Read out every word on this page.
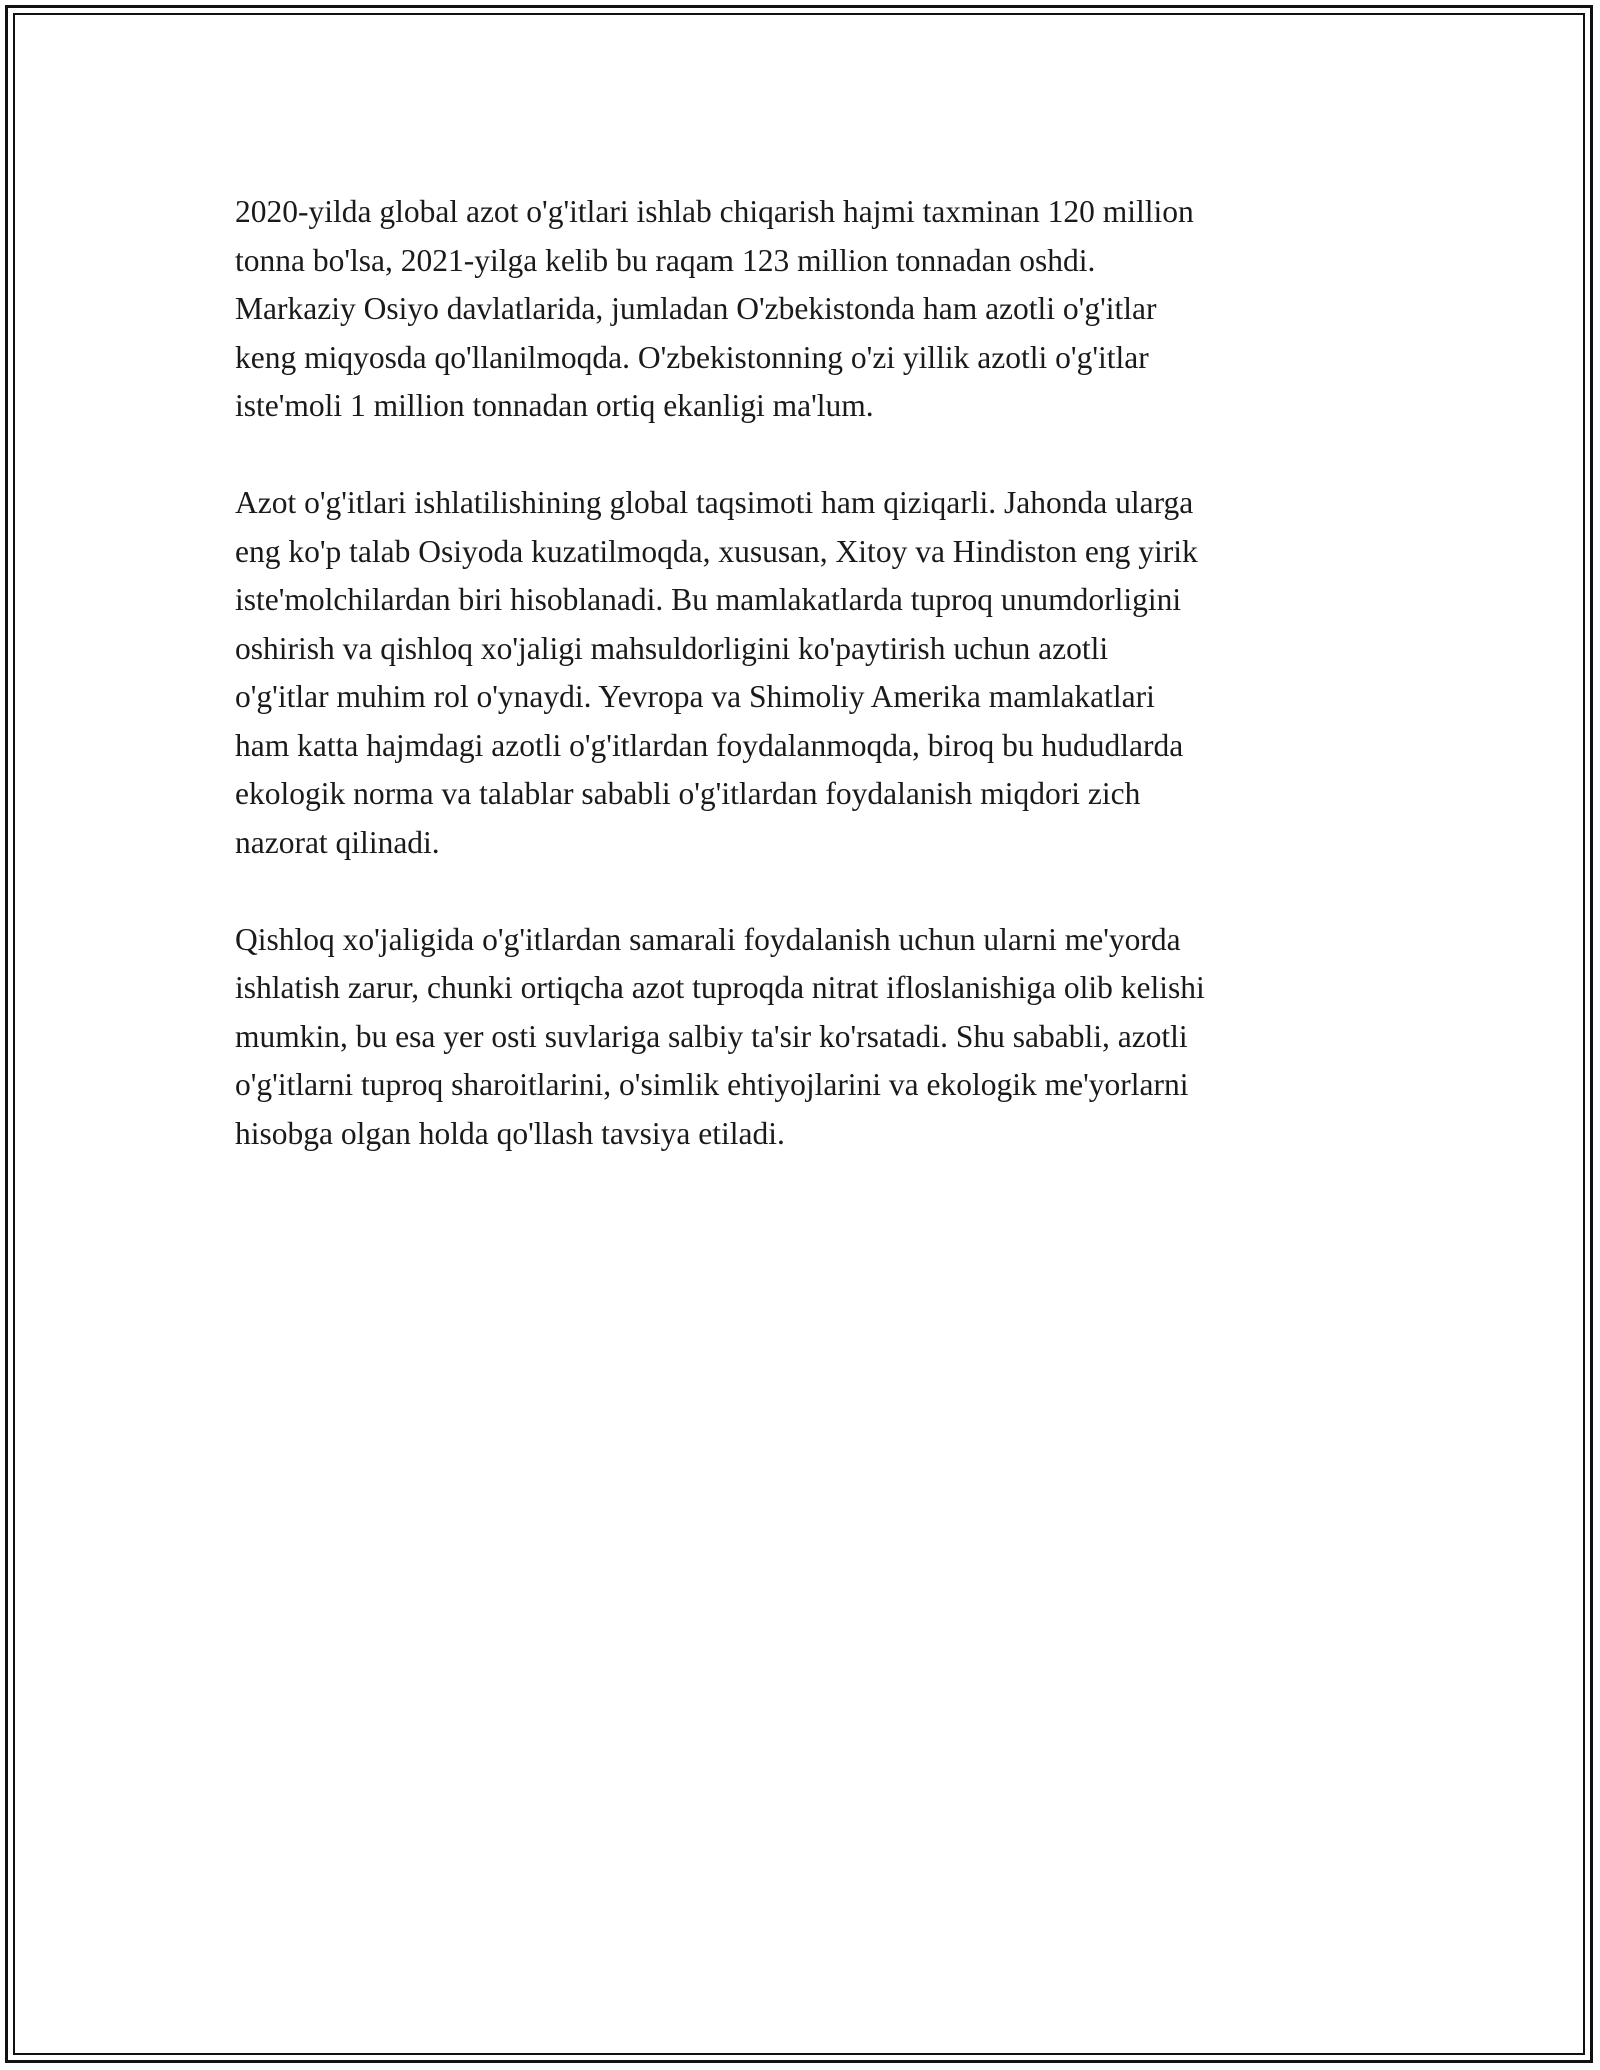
2020-yilda global azot o'g'itlari ishlab chiqarish hajmi taxminan 120 million
tonna bo'lsa, 2021-yilga kelib bu raqam 123 million tonnadan oshdi.
Markaziy Osiyo davlatlarida, jumladan O'zbekistonda ham azotli o'g'itlar
keng miqyosda qo'llanilmoqda. O'zbekistonning o'zi yillik azotli o'g'itlar
iste'moli 1 million tonnadan ortiq ekanligi ma'lum.

Azot o'g'itlari ishlatilishining global taqsimoti ham qiziqarli. Jahonda ularga
eng ko'p talab Osiyoda kuzatilmoqda, xususan, Xitoy va Hindiston eng yirik
iste'molchilardan biri hisoblanadi. Bu mamlakatlarda tuproq unumdorligini
oshirish va qishloq xo'jaligi mahsuldorligini ko'paytirish uchun azotli
o'g'itlar muhim rol o'ynaydi. Yevropa va Shimoliy Amerika mamlakatlari
ham katta hajmdagi azotli o'g'itlardan foydalanmoqda, biroq bu hududlarda
ekologik norma va talablar sababli o'g'itlardan foydalanish miqdori zich
nazorat qilinadi.

Qishloq xo'jaligida o'g'itlardan samarali foydalanish uchun ularni me'yorda
ishlatish zarur, chunki ortiqcha azot tuproqda nitrat ifloslanishiga olib kelishi
mumkin, bu esa yer osti suvlariga salbiy ta'sir ko'rsatadi. Shu sababli, azotli
o'g'itlarni tuproq sharoitlarini, o'simlik ehtiyojlarini va ekologik me'yorlarni
hisobga olgan holda qo'llash tavsiya etiladi.
